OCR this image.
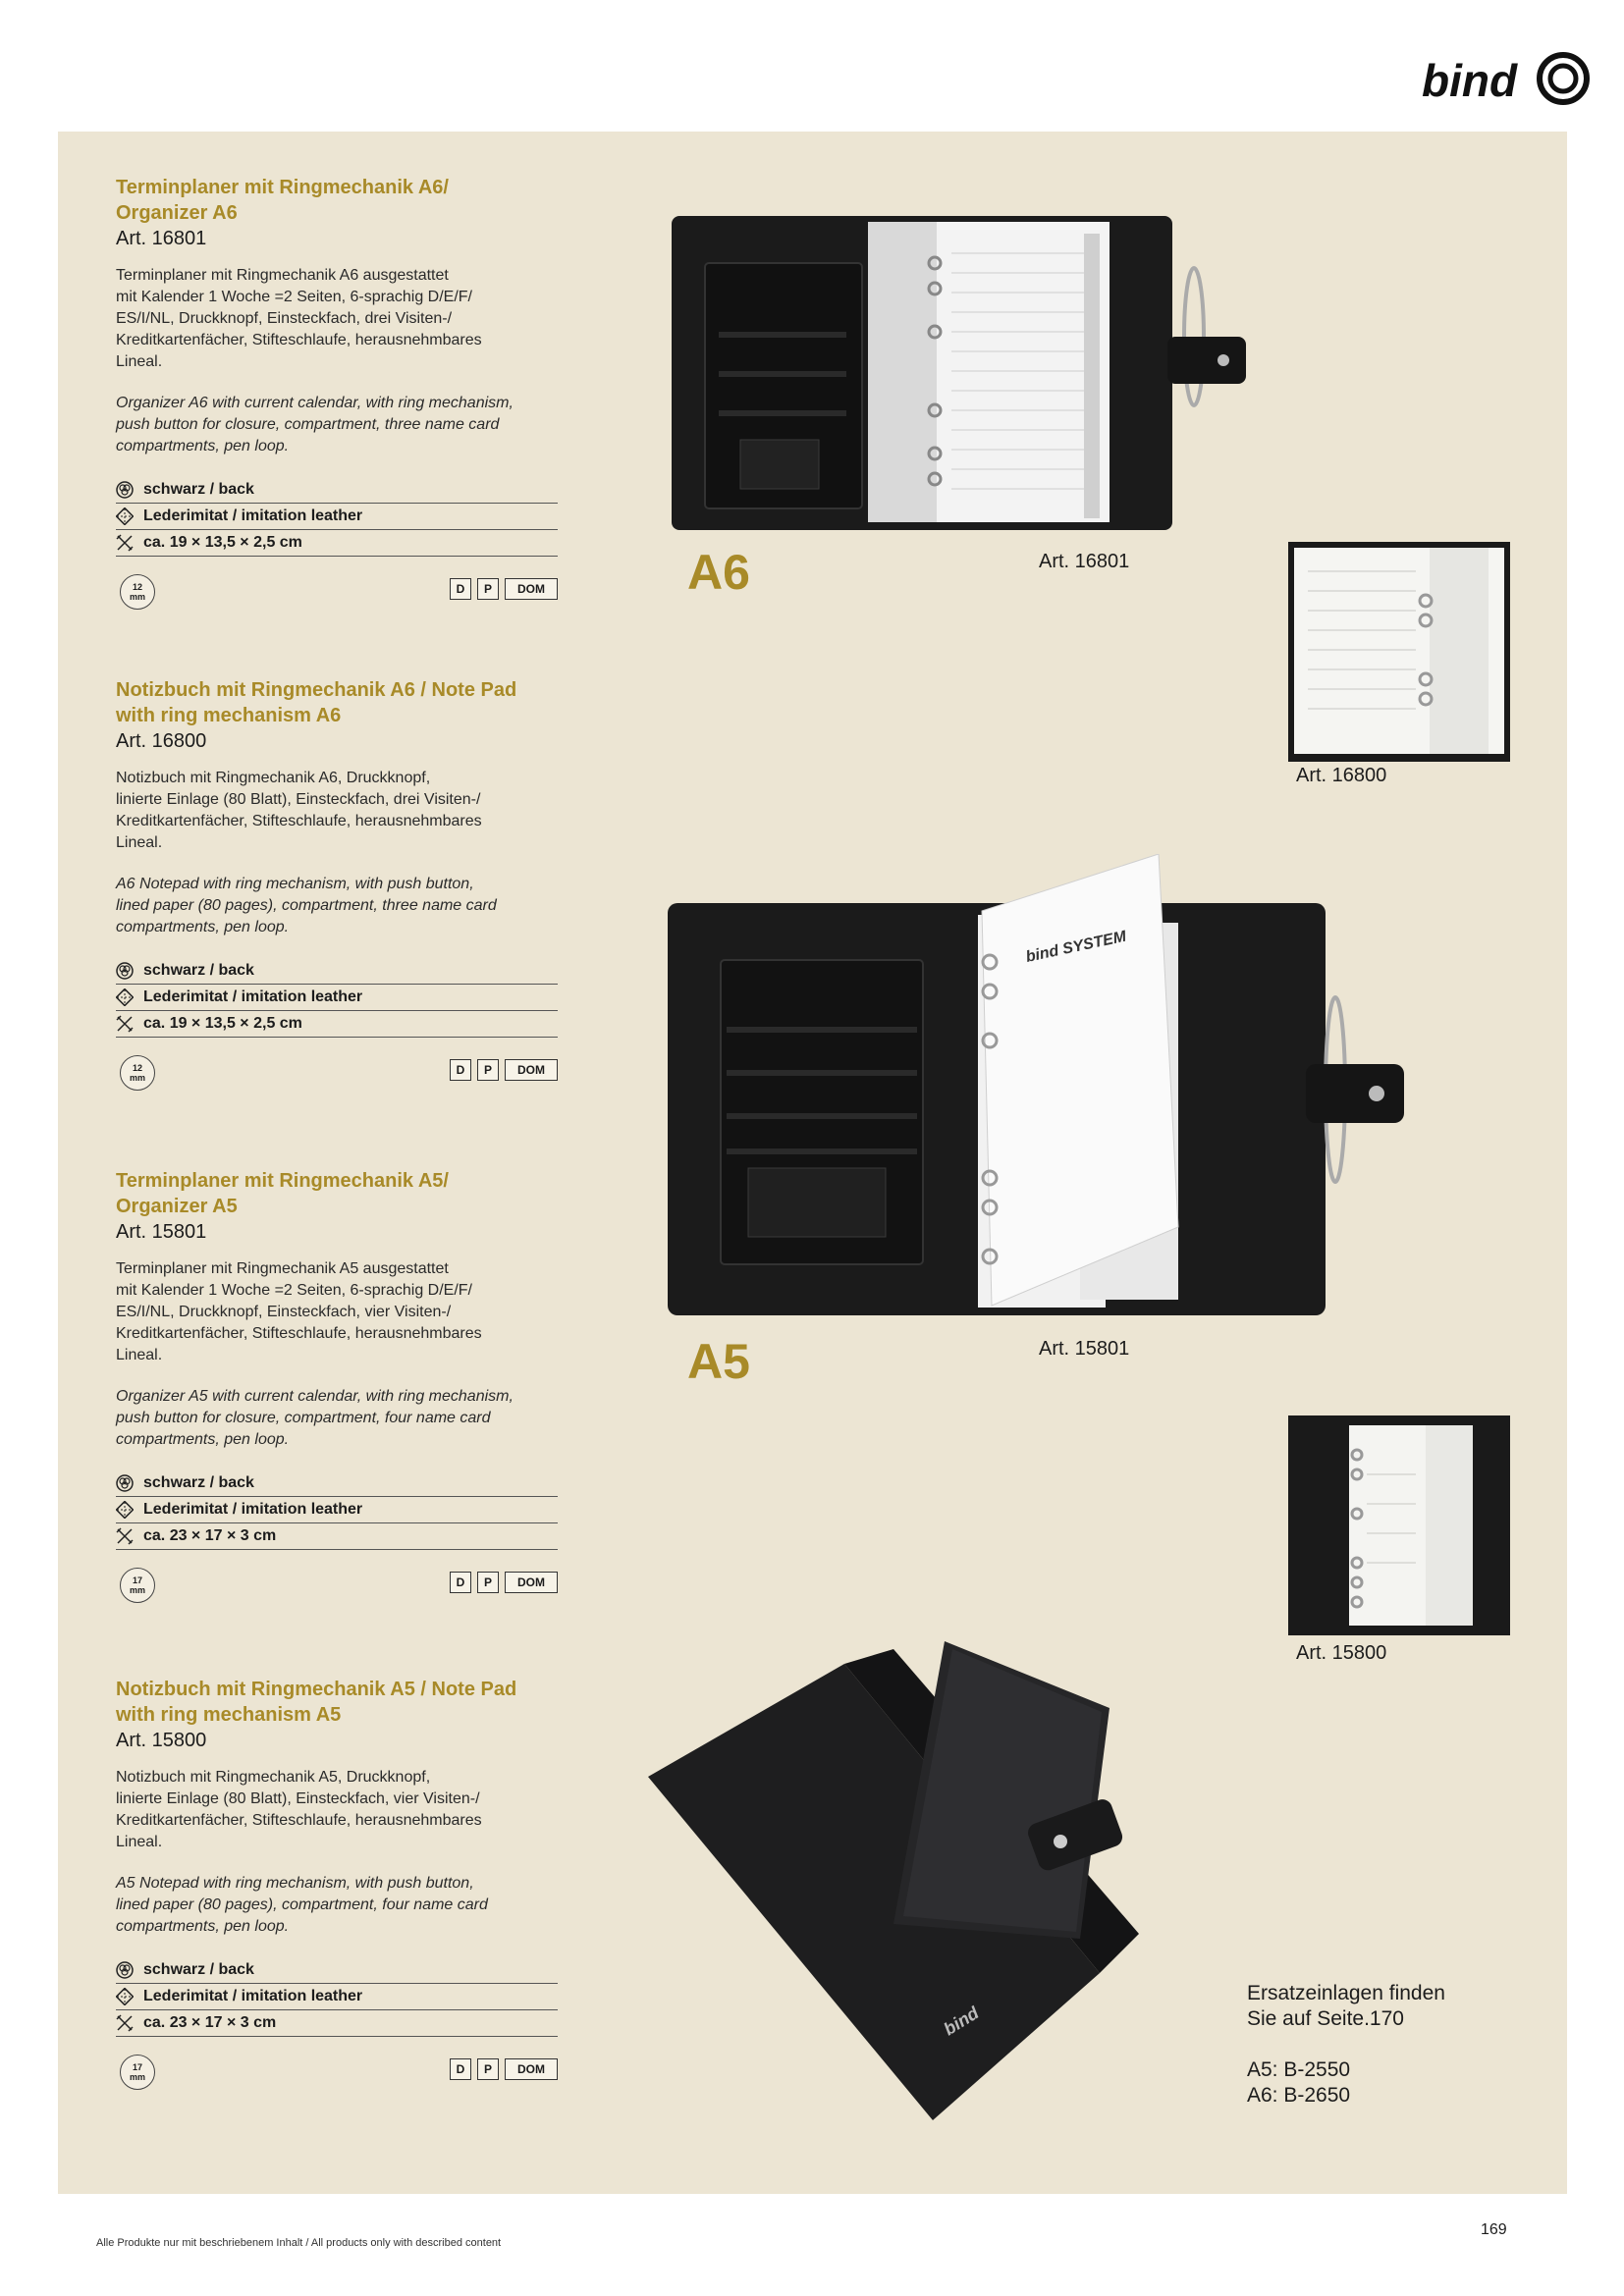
bind

Terminplaner mit Ringmechanik A6/
Organizer A6

Art. 16801

Terminplaner mit Ringmechanik A6 ausgestattet
mit Kalender 1 Woche =2 Seiten, 6-sprachig D/E/F/
ES/I/NL, Druckknopf, Einsteckfach, drei Visiten-/
Kreditkartenfächer, Stifteschlaufe, herausnehmbares
Lineal.

Organizer A6 with current calendar, with ring mechanism,
push button for closure, compartment, three name card
compartments, pen loop.

schwarz / back
Lederimitat / imitation leather
ca. 19 × 13,5 × 2,5 cm
12
mm
D	P	DOM

Notizbuch mit Ringmechanik A6 / Note Pad
with ring mechanism A6

Art. 16800

Notizbuch mit Ringmechanik A6, Druckknopf,
linierte Einlage (80 Blatt), Einsteckfach, drei Visiten-/
Kreditkartenfächer, Stifteschlaufe, herausnehmbares
Lineal.

A6 Notepad with ring mechanism, with push button,
lined paper (80 pages), compartment, three name card
compartments, pen loop.

schwarz / back
Lederimitat / imitation leather
ca. 19 × 13,5 × 2,5 cm
12
mm
D	P	DOM

Terminplaner mit Ringmechanik A5/
Organizer A5

Art. 15801

Terminplaner mit Ringmechanik A5 ausgestattet
mit Kalender 1 Woche =2 Seiten, 6-sprachig D/E/F/
ES/I/NL, Druckknopf, Einsteckfach, vier Visiten-/
Kreditkartenfächer, Stifteschlaufe, herausnehmbares
Lineal.

Organizer A5 with current calendar, with ring mechanism,
push button for closure, compartment, four name card
compartments, pen loop.

schwarz / back
Lederimitat / imitation leather
ca. 23 × 17 × 3 cm
17
mm
D	P	DOM

Notizbuch mit Ringmechanik A5 / Note Pad
with ring mechanism A5

Art. 15800

Notizbuch mit Ringmechanik A5, Druckknopf,
linierte Einlage (80 Blatt), Einsteckfach, vier Visiten-/
Kreditkartenfächer, Stifteschlaufe, herausnehmbares
Lineal.

A5 Notepad with ring mechanism, with push button,
lined paper (80 pages), compartment, four name card
compartments, pen loop.

schwarz / back
Lederimitat / imitation leather
ca. 23 × 17 × 3 cm
17
mm
D	P	DOM
A6	Art. 16801
Art. 16800
bind SYSTEM
A5	Art. 15801
Art. 15800
bind
Ersatzeinlagen finden
Sie auf Seite.170
A5: B-2550
A6: B-2650
Alle Produkte nur mit beschriebenem Inhalt / All products only with described content
169
